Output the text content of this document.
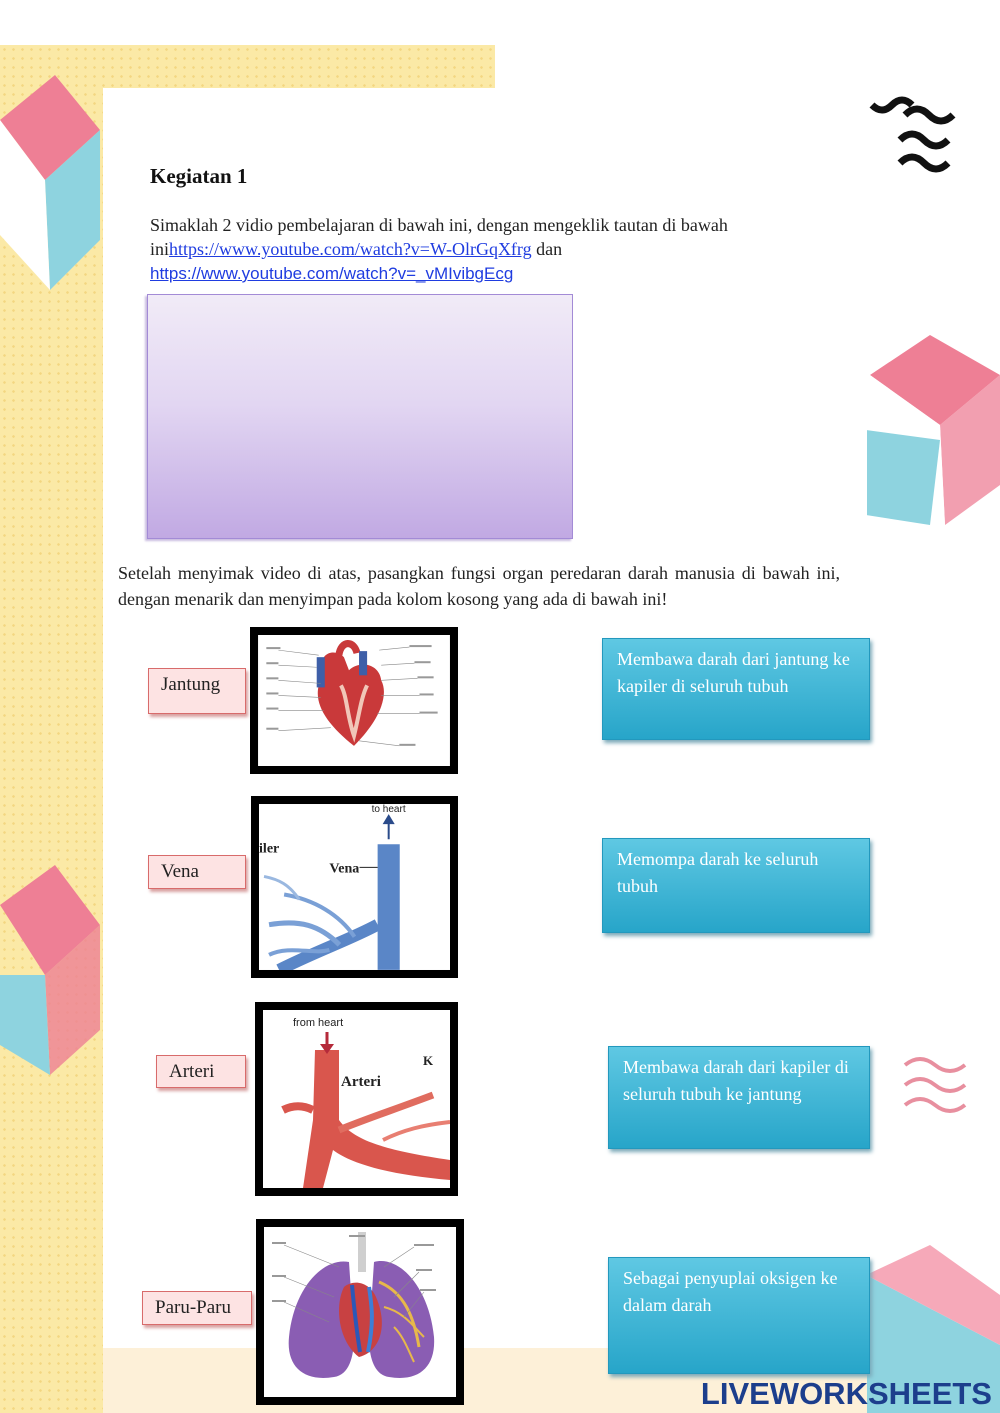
Kegiatan 1
Simaklah 2 vidio pembelajaran di bawah ini, dengan mengeklik tautan di bawah inihttps://www.youtube.com/watch?v=W-OlrGqXfrg dan
https://www.youtube.com/watch?v=_vMIvibgEcg
Setelah menyimak video di atas, pasangkan fungsi organ peredaran darah manusia di bawah ini, dengan menarik dan menyimpan pada kolom kosong yang ada di bawah ini!
Jantung
Vena
Arteri
Paru-Paru
to heart
Vena
iler
from heart
Arteri
K
Membawa darah dari jantung ke kapiler di seluruh tubuh
Memompa darah ke seluruh tubuh
Membawa darah dari kapiler di seluruh tubuh ke jantung
Sebagai penyuplai oksigen ke dalam darah
LIVEWORKSHEETS
